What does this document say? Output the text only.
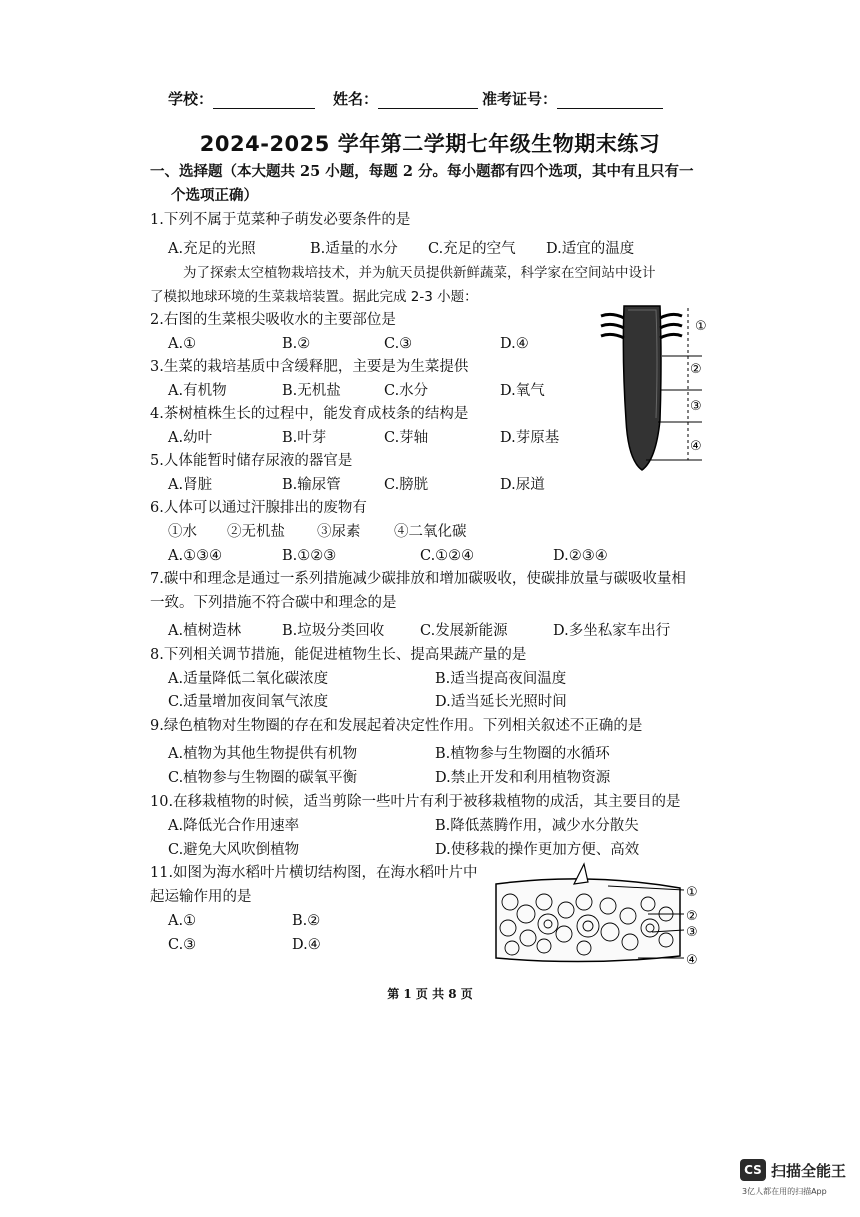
学校：	姓名：	准考证号：
2024-2025 学年第二学期七年级生物期末练习
一、选择题（本大题共 25 小题，每题 2 分。每小题都有四个选项，其中有且只有一
个选项正确）
1.下列不属于苋菜种子萌发必要条件的是
A.充足的光照	B.适量的水分 C.充足的空气 D.适宜的温度
为了探索太空植物栽培技术，并为航天员提供新鲜蔬菜，科学家在空间站中设计
了模拟地球环境的生菜栽培装置。据此完成 2-3 小题：
2.右图的生菜根尖吸收水的主要部位是
A.①	B.②	C.③	D.④
3.生菜的栽培基质中含缓释肥，主要是为生菜提供
A.有机物	B.无机盐	C.水分	D.氧气
4.茶树植株生长的过程中，能发育成枝条的结构是
A.幼叶	B.叶芽	C.芽轴	D.芽原基
5.人体能暂时储存尿液的器官是
A.肾脏	B.输尿管	C.膀胱	D.尿道
6.人体可以通过汗腺排出的废物有
①水 ②无机盐 ③尿素 ④二氧化碳
A.①③④	B.①②③	C.①②④	D.②③④
7.碳中和理念是通过一系列措施减少碳排放和增加碳吸收，使碳排放量与碳吸收量相
一致。下列措施不符合碳中和理念的是
A.植树造林	B.垃圾分类回收 C.发展新能源	D.多坐私家车出行
8.下列相关调节措施，能促进植物生长、提高果蔬产量的是
A.适量降低二氧化碳浓度	B.适当提高夜间温度
C.适量增加夜间氧气浓度	D.适当延长光照时间
9.绿色植物对生物圈的存在和发展起着决定性作用。下列相关叙述不正确的是
A.植物为其他生物提供有机物	B.植物参与生物圈的水循环
C.植物参与生物圈的碳氧平衡	D.禁止开发和利用植物资源
10.在移栽植物的时候，适当剪除一些叶片有利于被移栽植物的成活，其主要目的是
A.降低光合作用速率	B.降低蒸腾作用，减少水分散失
C.避免大风吹倒植物	D.使移栽的操作更加方便、高效
11.如图为海水稻叶片横切结构图，在海水稻叶片中
起运输作用的是
A.①	B.②
C.③	D.④
①
②
③
④
①
②
③
④
第 1 页 共 8 页
CS 扫描全能王
3亿人都在用的扫描App
